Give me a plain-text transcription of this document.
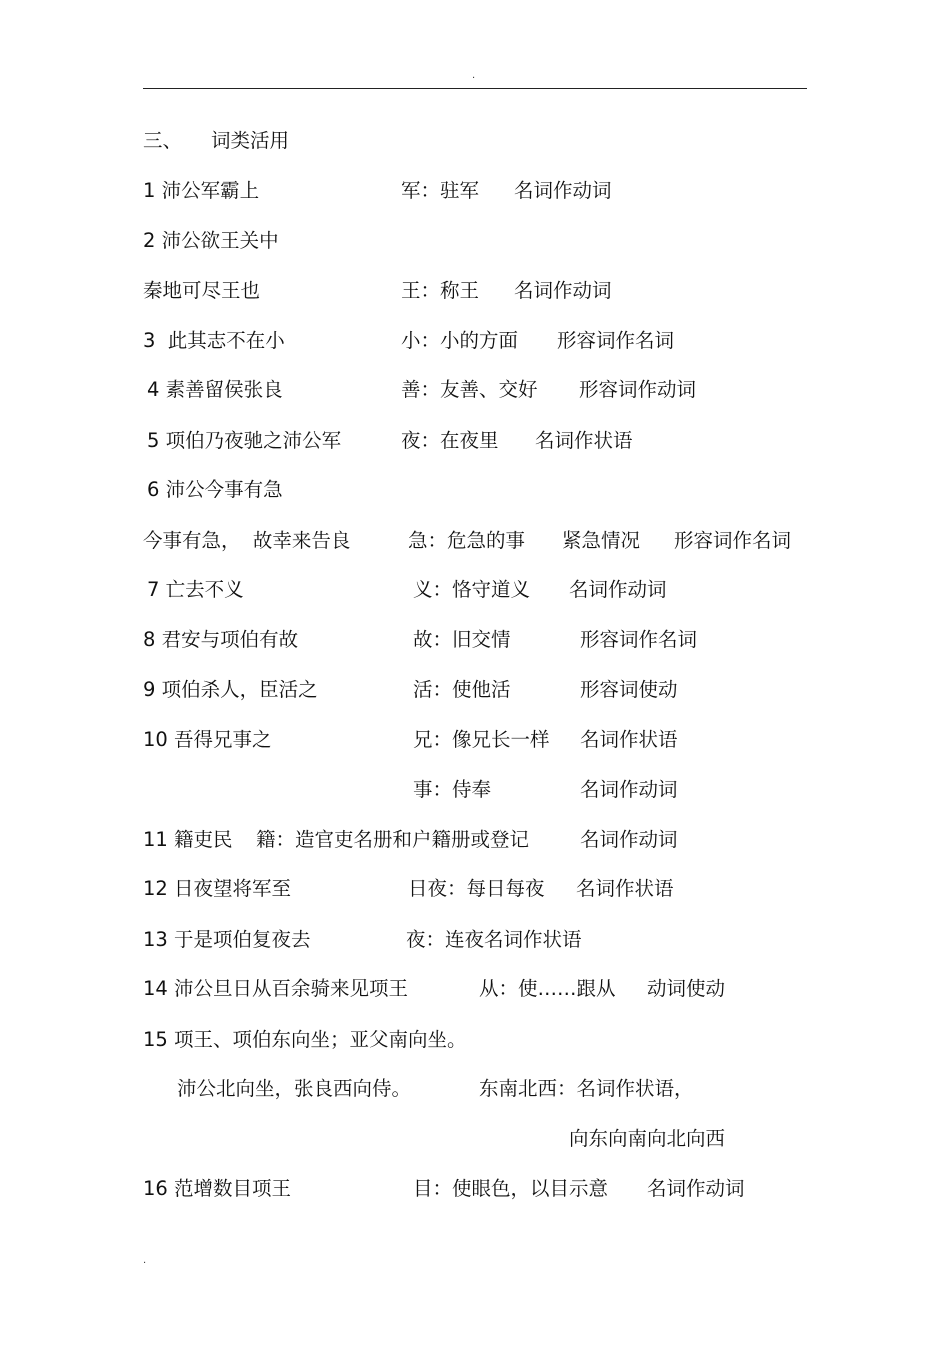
.
三、 词类活用
1 沛公军霸上	军：驻军 名词作动词
2 沛公欲王关中
秦地可尽王也	王：称王 名词作动词
3  此其志不在小	小：小的方面 形容词作名词
4 素善留侯张良	善：友善、交好 形容词作动词
5 项伯乃夜驰之沛公军	夜：在夜里 名词作状语
6 沛公今事有急
今事有急，  故幸来告良	急：危急的事 紧急情况 形容词作名词
7 亡去不义	义：恪守道义 名词作动词
8 君安与项伯有故	故：旧交情	形容词作名词
9 项伯杀人，臣活之	活：使他活	形容词使动
10 吾得兄事之	兄：像兄长一样 名词作状语
事：侍奉	名词作动词
11 籍吏民 籍：造官吏名册和户籍册或登记	名词作动词
12 日夜望将军至	日夜：每日每夜 名词作状语
13 于是项伯复夜去	夜：连夜名词作状语
14 沛公旦日从百余骑来见项王	从：使……跟从 动词使动
15 项王、项伯东向坐；亚父南向坐。
沛公北向坐，张良西向侍。	东南北西：名词作状语，
向东向南向北向西
16 范增数目项王	目：使眼色，以目示意 名词作动词
.
